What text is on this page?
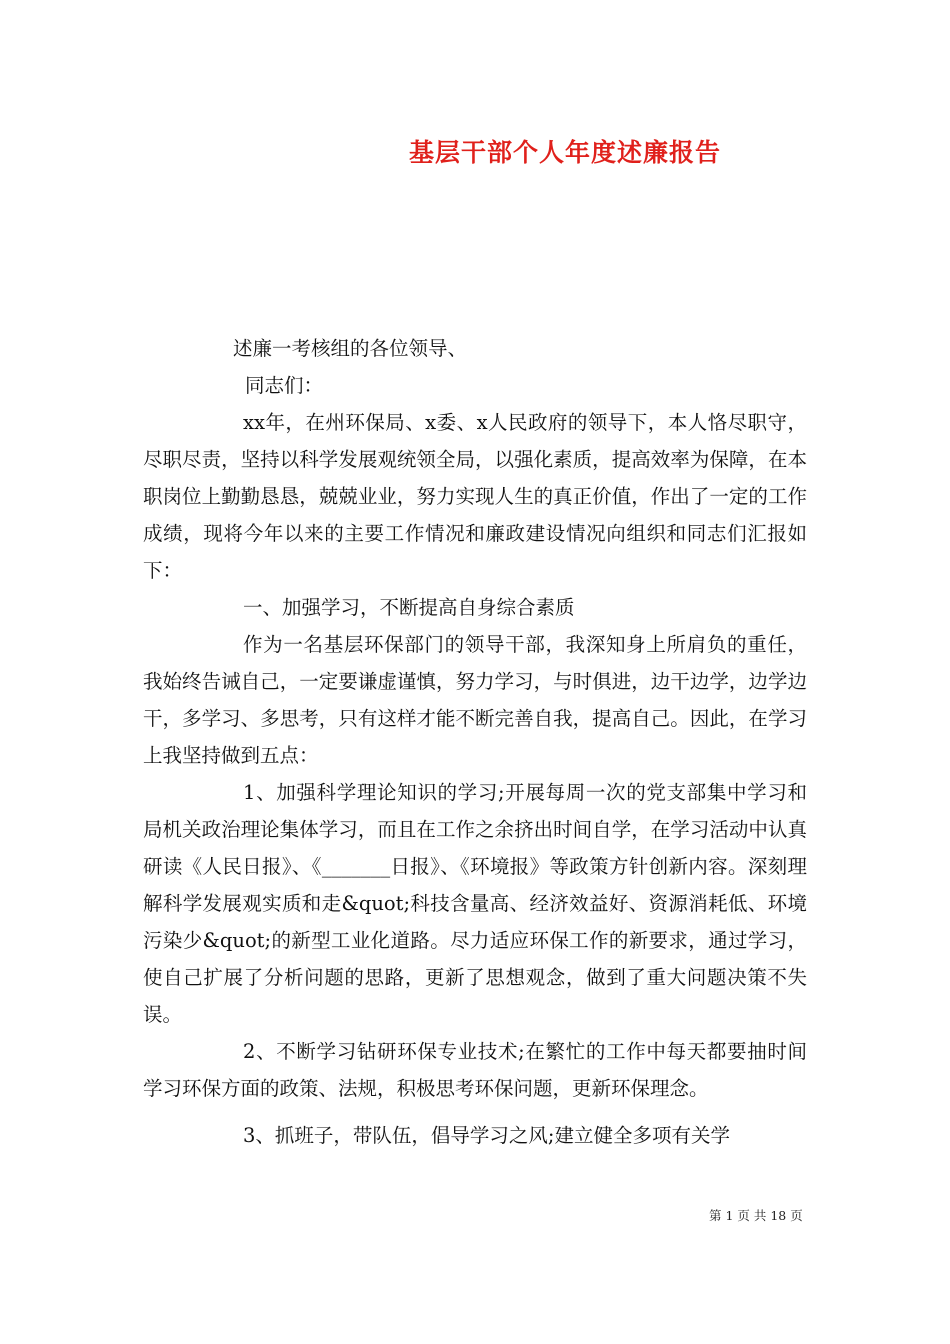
基层干部个人年度述廉报告

述廉一考核组的各位领导、

同志们：

xx年，在州环保局、x委、x人民政府的领导下，本人恪尽职守，尽职尽责，坚持以科学发展观统领全局，以强化素质，提高效率为保障，在本职岗位上勤勤恳恳，兢兢业业，努力实现人生的真正价值，作出了一定的工作成绩，现将今年以来的主要工作情况和廉政建设情况向组织和同志们汇报如下：

一、加强学习，不断提高自身综合素质

作为一名基层环保部门的领导干部，我深知身上所肩负的重任，我始终告诫自己，一定要谦虚谨慎，努力学习，与时俱进，边干边学，边学边干，多学习、多思考，只有这样才能不断完善自我，提高自己。因此，在学习上我坚持做到五点：

1、加强科学理论知识的学习;开展每周一次的党支部集中学习和局机关政治理论集体学习，而且在工作之余挤出时间自学，在学习活动中认真研读《人民日报》、《_______日报》、《环境报》等政策方针创新内容。深刻理解科学发展观实质和走&quot;科技含量高、经济效益好、资源消耗低、环境污染少&quot;的新型工业化道路。尽力适应环保工作的新要求，通过学习，使自己扩展了分析问题的思路，更新了思想观念，做到了重大问题决策不失误。

2、不断学习钻研环保专业技术;在繁忙的工作中每天都要抽时间学习环保方面的政策、法规，积极思考环保问题，更新环保理念。

3、抓班子，带队伍，倡导学习之风;建立健全多项有关学

第 1 页 共 18 页
